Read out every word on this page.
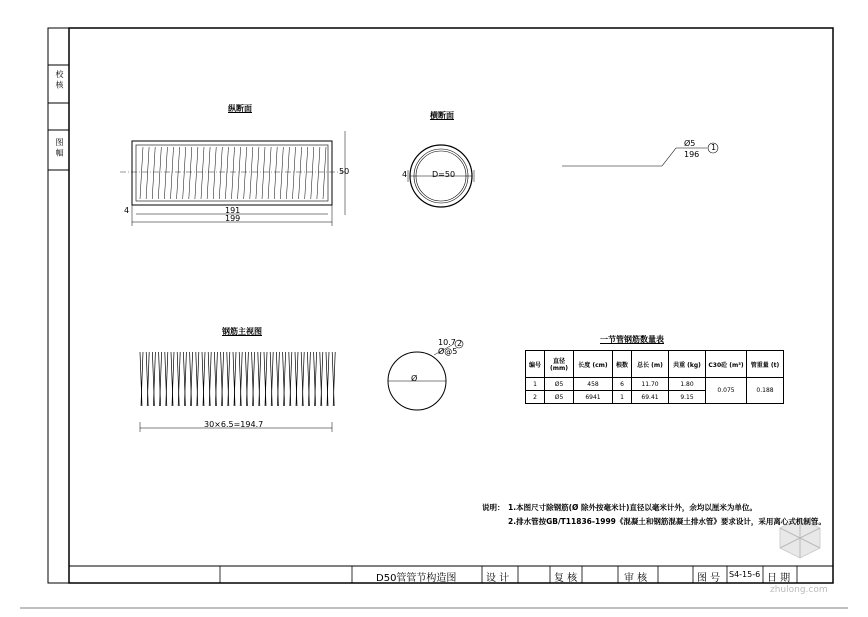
校 核
图 幅
纵断面
横断面
钢筋主视图
一节管钢筋数量表
191
199
4
50	4	D=50
30×6.5=194.7
Ø
Ø5
196
1
10.7
Ø@5
2
编号	直径 (mm)	长度 (cm)	根数	总长 (m)	共重 (kg)	C30砼 (m³)	管重量 (t)
1	Ø5	458	6	11.70	1.80	0.075	0.188
2	Ø5	6941	1	69.41	9.15		
说明： 1.本图尺寸除钢筋(Ø 除外按毫米计)直径以毫米计外，余均以厘米为单位。
2.排水管按GB/T11836-1999《混凝土和钢筋混凝土排水管》要求设计，采用离心式机制管。
D50管管节构造图	设 计	复 核	审 核	图 号 S4-15-6 日 期
zhulong.com
